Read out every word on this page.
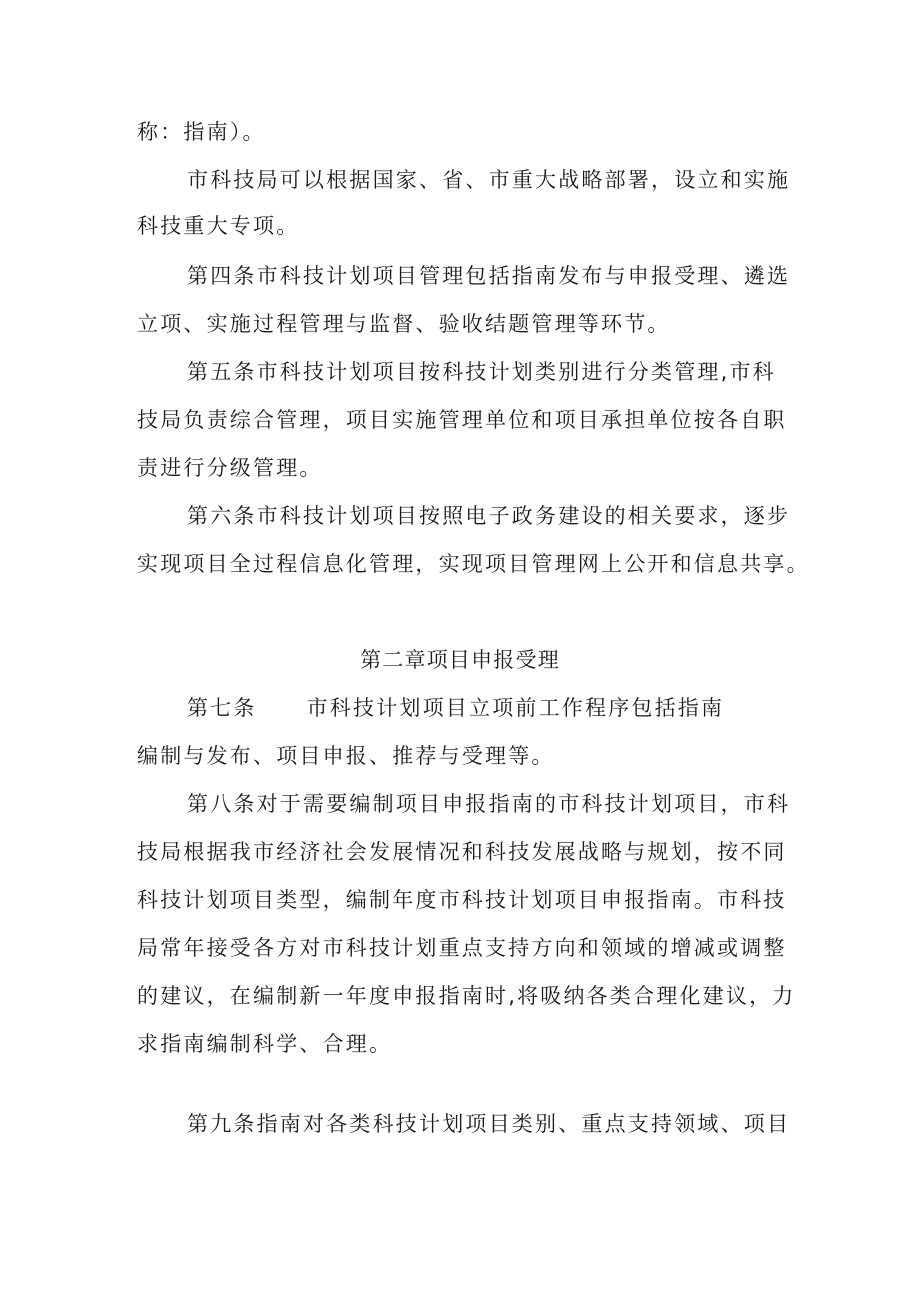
称：指南）。
市科技局可以根据国家、省、市重大战略部署，设立和实施
科技重大专项。
第四条市科技计划项目管理包括指南发布与申报受理、遴选
立项、实施过程管理与监督、验收结题管理等环节。
第五条市科技计划项目按科技计划类别进行分类管理,市科
技局负责综合管理，项目实施管理单位和项目承担单位按各自职
责进行分级管理。
第六条市科技计划项目按照电子政务建设的相关要求，逐步
实现项目全过程信息化管理，实现项目管理网上公开和信息共享。
第二章项目申报受理
第七条 市科技计划项目立项前工作程序包括指南
编制与发布、项目申报、推荐与受理等。
第八条对于需要编制项目申报指南的市科技计划项目，市科
技局根据我市经济社会发展情况和科技发展战略与规划，按不同
科技计划项目类型，编制年度市科技计划项目申报指南。市科技
局常年接受各方对市科技计划重点支持方向和领域的增减或调整
的建议，在编制新一年度申报指南时,将吸纳各类合理化建议，力
求指南编制科学、合理。
第九条指南对各类科技计划项目类别、重点支持领域、项目
